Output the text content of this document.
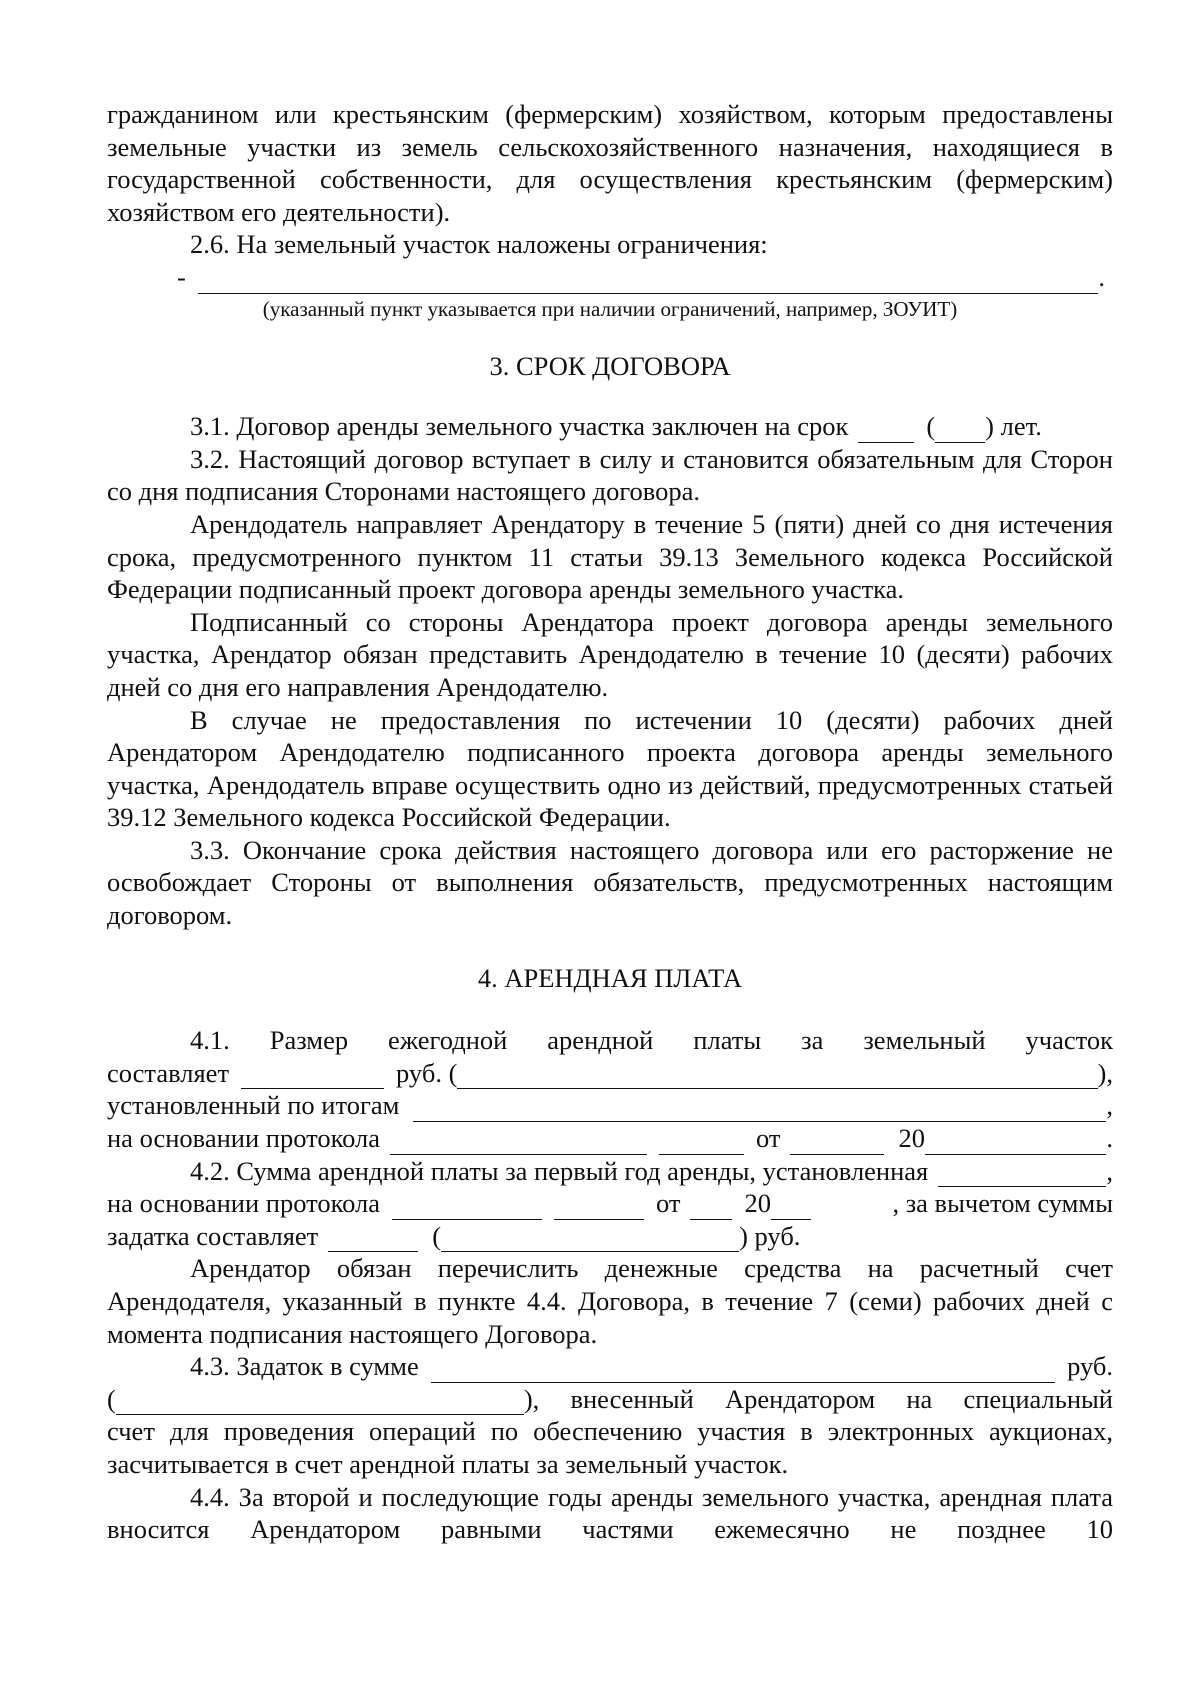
гражданином или крестьянским (фермерским) хозяйством, которым предоставлены земельные участки из земель сельскохозяйственного назначения, находящиеся в государственной собственности, для осуществления крестьянским (фермерским) хозяйством его деятельности).

2.6. На земельный участок наложены ограничения:

-	.

(указанный пункт указывается при наличии ограничений, например, ЗОУИТ)

3. СРОК ДОГОВОРА

3.1. Договор аренды земельного участка заключен на срок	( ) лет.

3.2. Настоящий договор вступает в силу и становится обязательным для Сторон со дня подписания Сторонами настоящего договора.

Арендодатель направляет Арендатору в течение 5 (пяти) дней со дня истечения срока, предусмотренного пунктом 11 статьи 39.13 Земельного кодекса Российской Федерации подписанный проект договора аренды земельного участка.

Подписанный со стороны Арендатора проект договора аренды земельного участка, Арендатор обязан представить Арендодателю в течение 10 (десяти) рабочих дней со дня его направления Арендодателю.

В случае не предоставления по истечении 10 (десяти) рабочих дней Арендатором Арендодателю подписанного проекта договора аренды земельного участка, Арендодатель вправе осуществить одно из действий, предусмотренных статьей 39.12 Земельного кодекса Российской Федерации.

3.3. Окончание срока действия настоящего договора или его расторжение не освобождает Стороны от выполнения обязательств, предусмотренных настоящим договором.

4. АРЕНДНАЯ ПЛАТА

4.1. Размер ежегодной арендной платы за земельный участок

составляет	руб. (	),
установленный по итогам	,
на основании протокола	от	20	.
4.2. Сумма арендной платы за первый год аренды, установленная	,
на основании протокола	от 20	, за вычетом суммы
задатка составляет	(	) руб.

Арендатор обязан перечислить денежные средства на расчетный счет Арендодателя, указанный в пункте 4.4. Договора, в течение 7 (семи) рабочих дней с момента подписания настоящего Договора.

4.3. Задаток в сумме	руб.
(	), внесенный Арендатором на специальный

счет для проведения операций по обеспечению участия в электронных аукционах, засчитывается в счет арендной платы за земельный участок.

4.4. За второй и последующие годы аренды земельного участка, арендная плата вносится Арендатором равными частями ежемесячно не позднее 10
